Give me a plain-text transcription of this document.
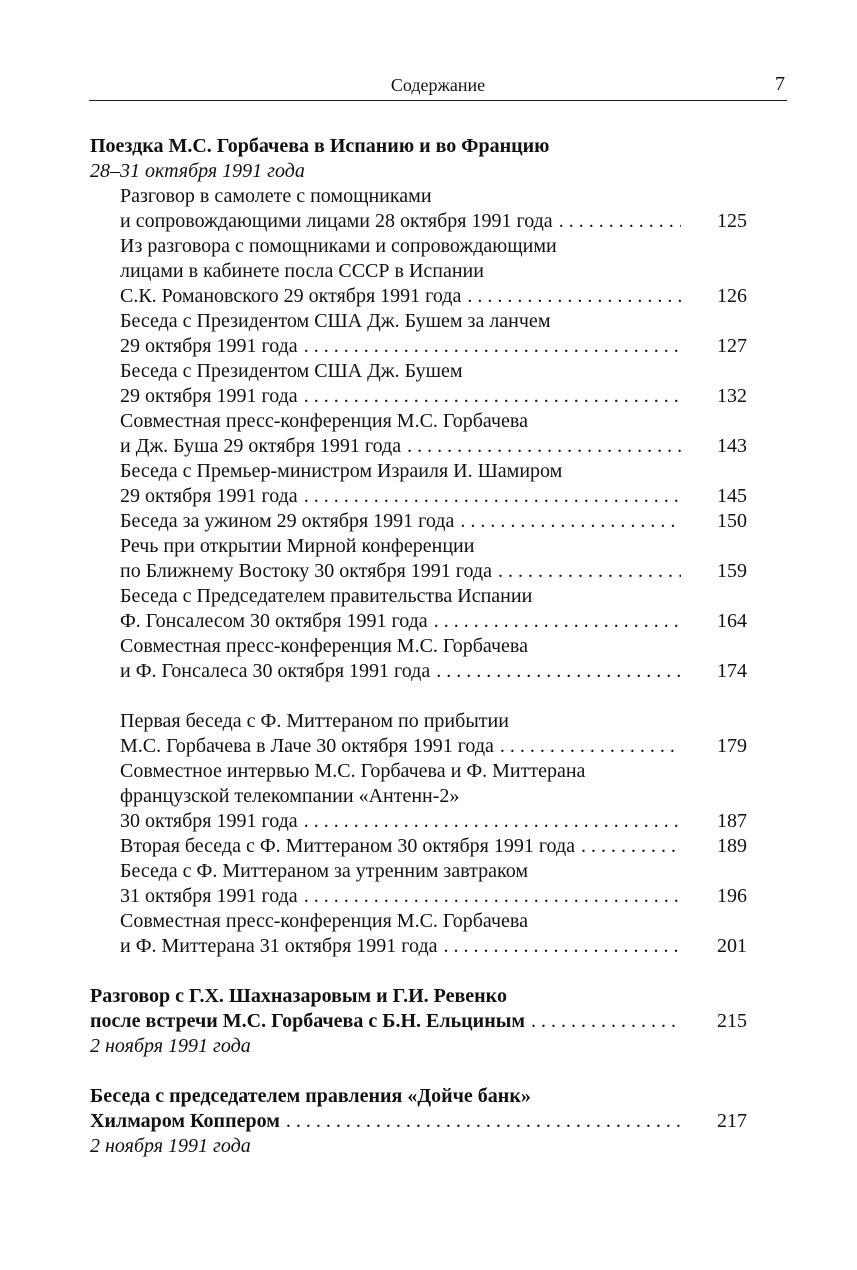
Содержание	7
Поездка М.С. Горбачева в Испанию и во Францию
28–31 октября 1991 года
Разговор в самолете с помощниками
и сопровождающими лицами 28 октября 1991 года . . .	125
Из разговора с помощниками и сопровождающими
лицами в кабинете посла СССР в Испании
С.К. Романовского 29 октября 1991 года . . .	126
Беседа с Президентом США Дж. Бушем за ланчем
29 октября 1991 года . . .	127
Беседа с Президентом США Дж. Бушем
29 октября 1991 года . . .	132
Совместная пресс-конференция М.С. Горбачева
и Дж. Буша 29 октября 1991 года . . .	143
Беседа с Премьер-министром Израиля И. Шамиром
29 октября 1991 года . . .	145
Беседа за ужином 29 октября 1991 года . . .	150
Речь при открытии Мирной конференции
по Ближнему Востоку 30 октября 1991 года . . .	159
Беседа с Председателем правительства Испании
Ф. Гонсалесом 30 октября 1991 года . . .	164
Совместная пресс-конференция М.С. Горбачева
и Ф. Гонсалеса 30 октября 1991 года . . .	174
Первая беседа с Ф. Миттераном по прибытии
М.С. Горбачева в Лаче 30 октября 1991 года . . .	179
Совместное интервью М.С. Горбачева и Ф. Миттерана
французской телекомпании «Антенн-2»
30 октября 1991 года . . .	187
Вторая беседа с Ф. Миттераном 30 октября 1991 года . . .	189
Беседа с Ф. Миттераном за утренним завтраком
31 октября 1991 года . . .	196
Совместная пресс-конференция М.С. Горбачева
и Ф. Миттерана 31 октября 1991 года . . .	201
Разговор с Г.Х. Шахназаровым и Г.И. Ревенко
после встречи М.С. Горбачева с Б.Н. Ельциным . . .	215
2 ноября 1991 года
Беседа с председателем правления «Дойче банк»
Хилмаром Коппером . . .	217
2 ноября 1991 года
